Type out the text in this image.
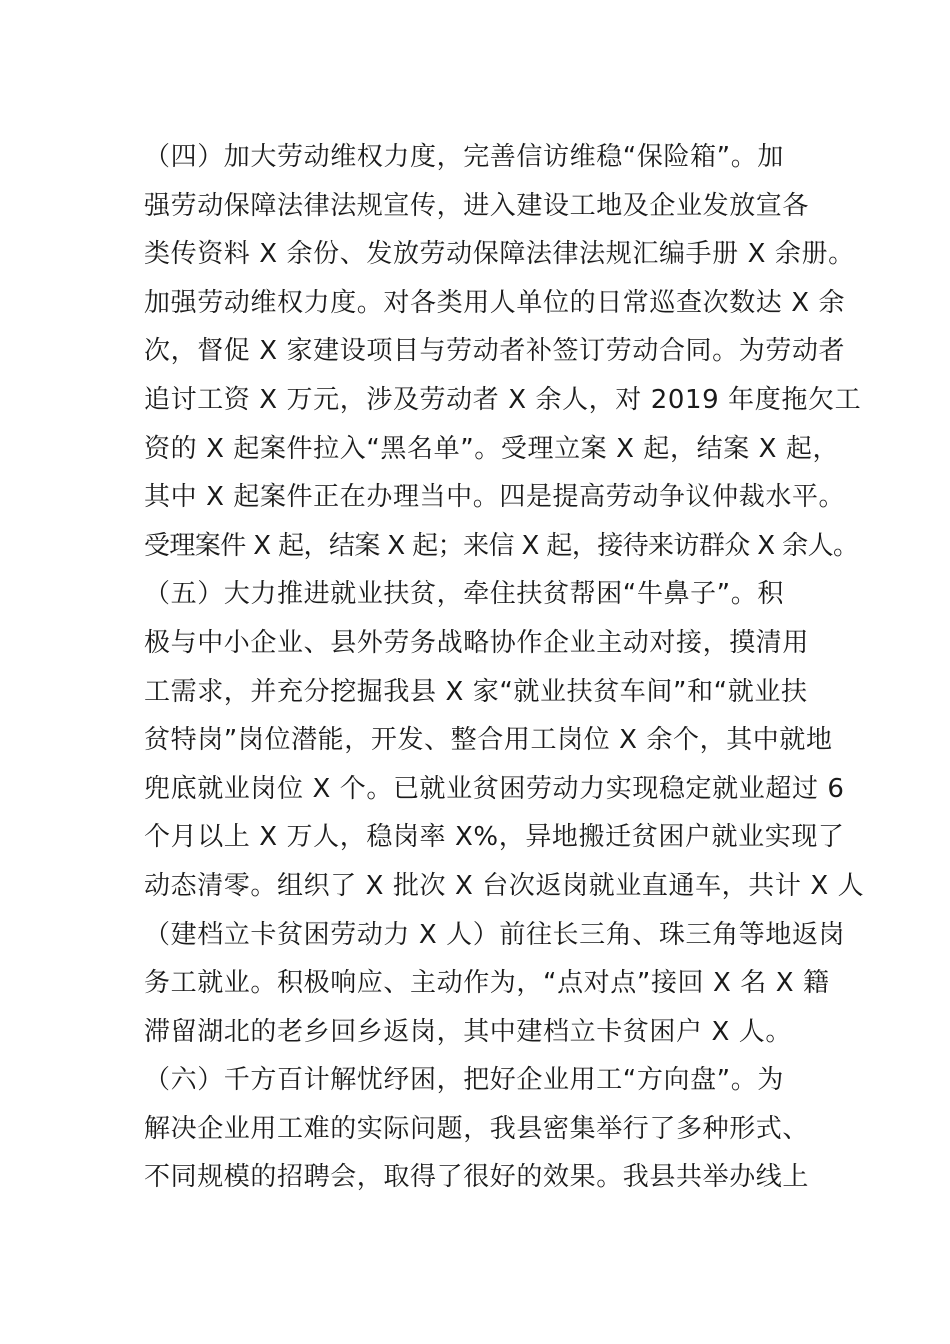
（四）加大劳动维权力度，完善信访维稳“保险箱”。加
强劳动保障法律法规宣传，进入建设工地及企业发放宣各
类传资料 X 余份、发放劳动保障法律法规汇编手册 X 余册。
加强劳动维权力度。对各类用人单位的日常巡查次数达 X 余
次，督促 X 家建设项目与劳动者补签订劳动合同。为劳动者
追讨工资 X 万元，涉及劳动者 X 余人，对 2019 年度拖欠工
资的 X 起案件拉入“黑名单”。受理立案 X 起，结案 X 起，
其中 X 起案件正在办理当中。四是提高劳动争议仲裁水平。
受理案件 X 起，结案 X 起；来信 X 起，接待来访群众 X 余人。
（五）大力推进就业扶贫，牵住扶贫帮困“牛鼻子”。积
极与中小企业、县外劳务战略协作企业主动对接，摸清用
工需求，并充分挖掘我县 X 家“就业扶贫车间”和“就业扶
贫特岗”岗位潜能，开发、整合用工岗位 X 余个，其中就地
兜底就业岗位 X 个。已就业贫困劳动力实现稳定就业超过 6
个月以上 X 万人，稳岗率 X%，异地搬迁贫困户就业实现了
动态清零。组织了 X 批次 X 台次返岗就业直通车，共计 X 人
（建档立卡贫困劳动力 X 人）前往长三角、珠三角等地返岗
务工就业。积极响应、主动作为，“点对点”接回 X 名 X 籍
滞留湖北的老乡回乡返岗，其中建档立卡贫困户 X 人。
（六）千方百计解忧纾困，把好企业用工“方向盘”。为
解决企业用工难的实际问题，我县密集举行了多种形式、
不同规模的招聘会，取得了很好的效果。我县共举办线上
